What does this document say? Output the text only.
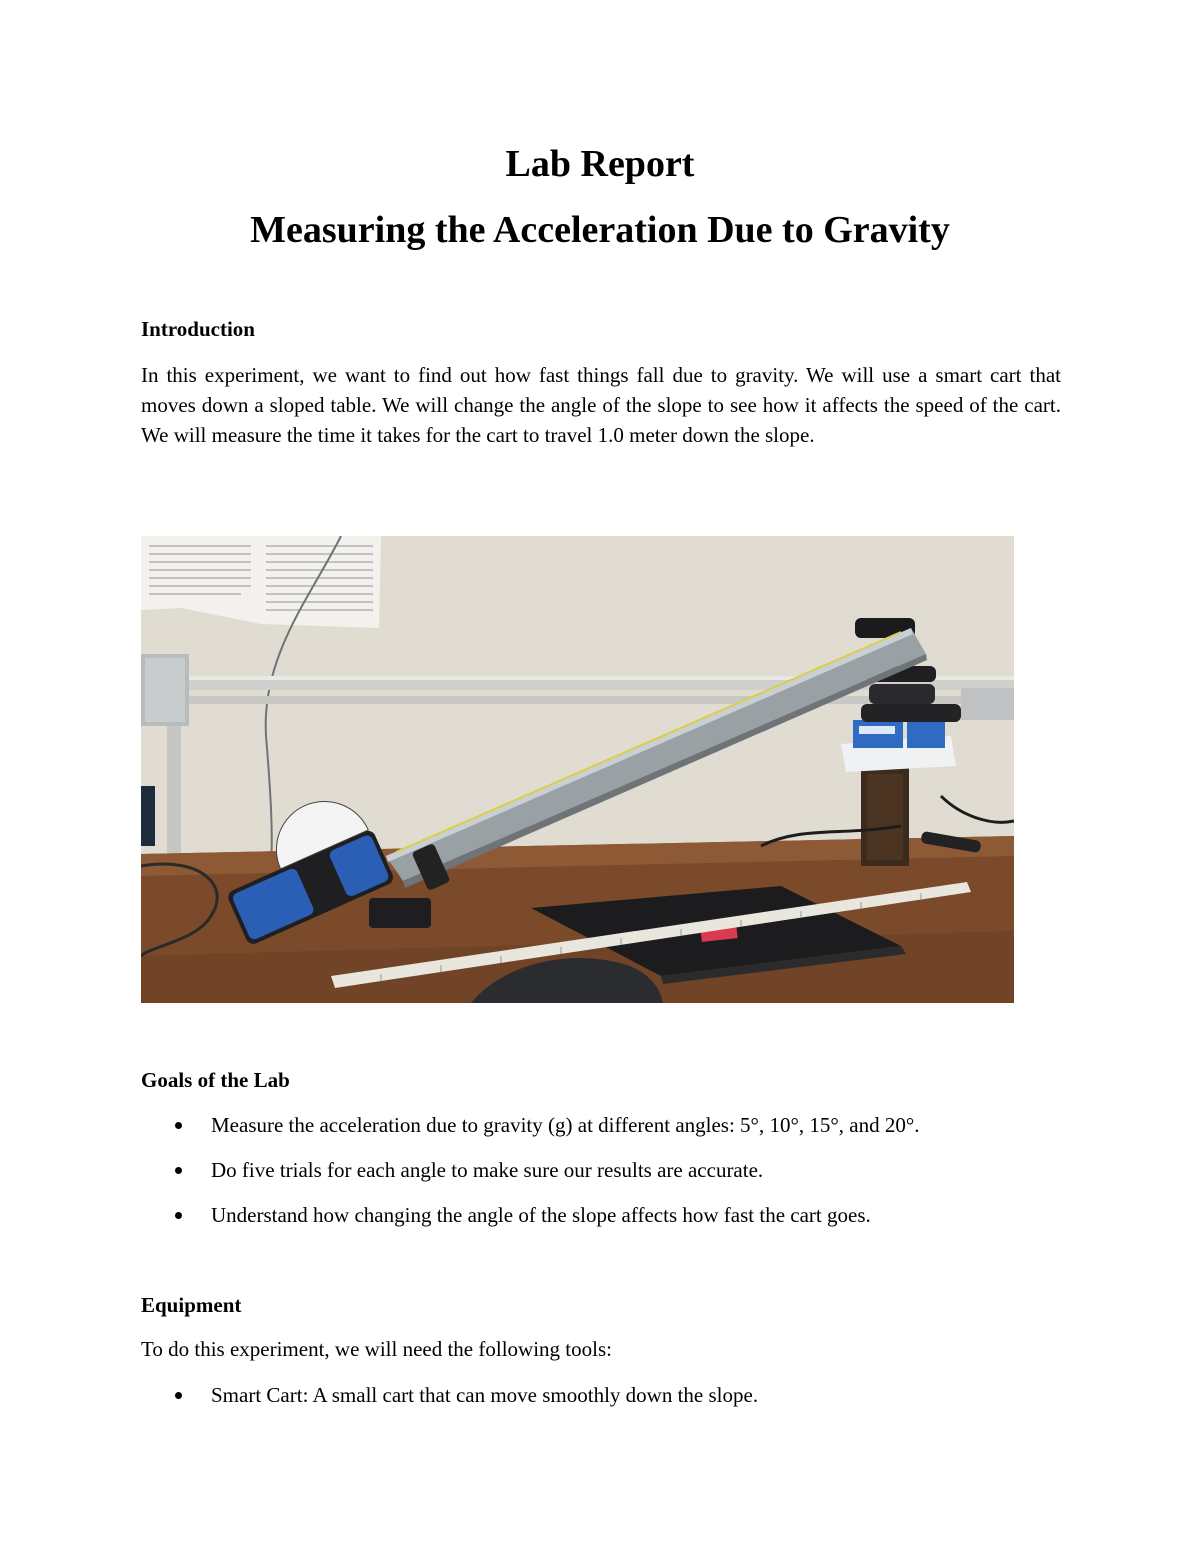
Lab Report
Measuring the Acceleration Due to Gravity
Introduction

In this experiment, we want to find out how fast things fall due to gravity. We will use a smart cart that moves down a sloped table. We will change the angle of the slope to see how it affects the speed of the cart. We will measure the time it takes for the cart to travel 1.0 meter down the slope.

Goals of the Lab
Measure the acceleration due to gravity (g) at different angles: 5°, 10°, 15°, and 20°.
Do five trials for each angle to make sure our results are accurate.
Understand how changing the angle of the slope affects how fast the cart goes.
Equipment

To do this experiment, we will need the following tools:

Smart Cart: A small cart that can move smoothly down the slope.
